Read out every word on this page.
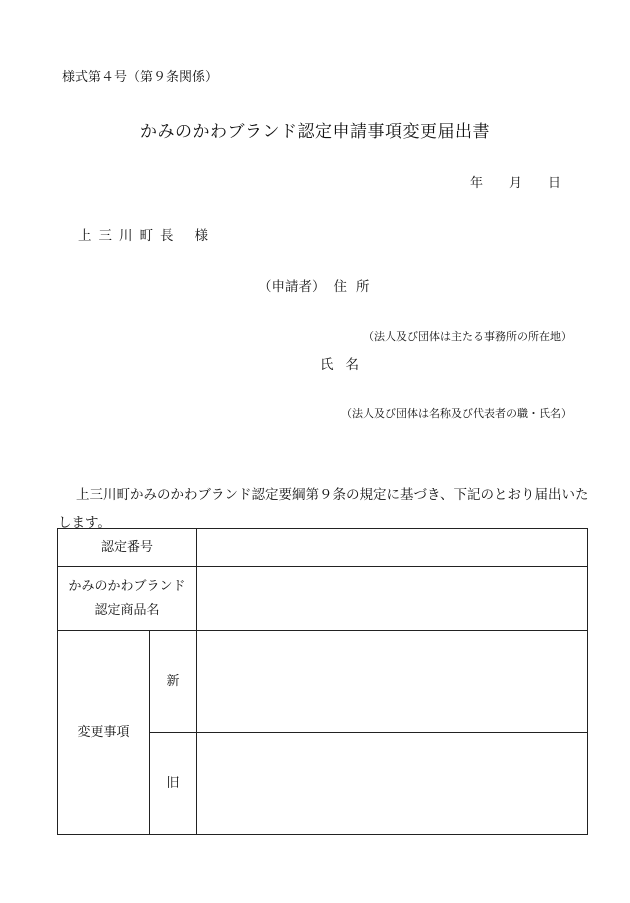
様式第４号（第９条関係）
かみのかわブランド認定申請事項変更届出書
年 月 日
上三川町長 様
（申請者） 住所
（法人及び団体は主たる事務所の所在地）
氏名
（法人及び団体は名称及び代表者の職・氏名）
上三川町かみのかわブランド認定要綱第９条の規定に基づき、下記のとおり届出いたします。
認定番号		

かみのかわブランド
認定商品名		

変更事項	新	
	旧	
